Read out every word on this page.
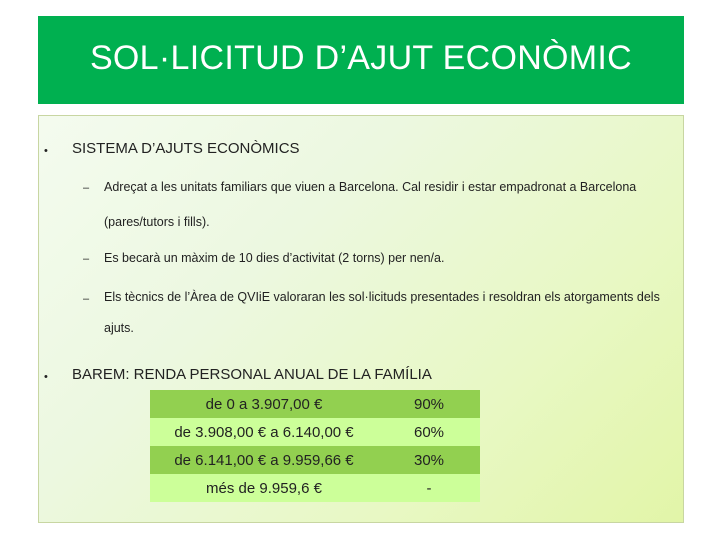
SOL·LICITUD D’AJUT ECONÒMIC
• SISTEMA D’AJUTS ECONÒMICS
– Adreçat a les unitats familiars que viuen a Barcelona. Cal residir i estar empadronat a Barcelona
(pares/tutors i fills).
– Es becarà un màxim de 10 dies d’activitat (2 torns) per nen/a.
– Els tècnics de l’Àrea de QVIiE valoraran les sol·licituds presentades i resoldran els atorgaments dels
ajuts.
• BAREM: RENDA PERSONAL ANUAL DE LA FAMÍLIA
de 0 a 3.907,00 €	90%
de 3.908,00 € a 6.140,00 €	60%
de 6.141,00 € a 9.959,66 €	30%
més de 9.959,6 €	-
